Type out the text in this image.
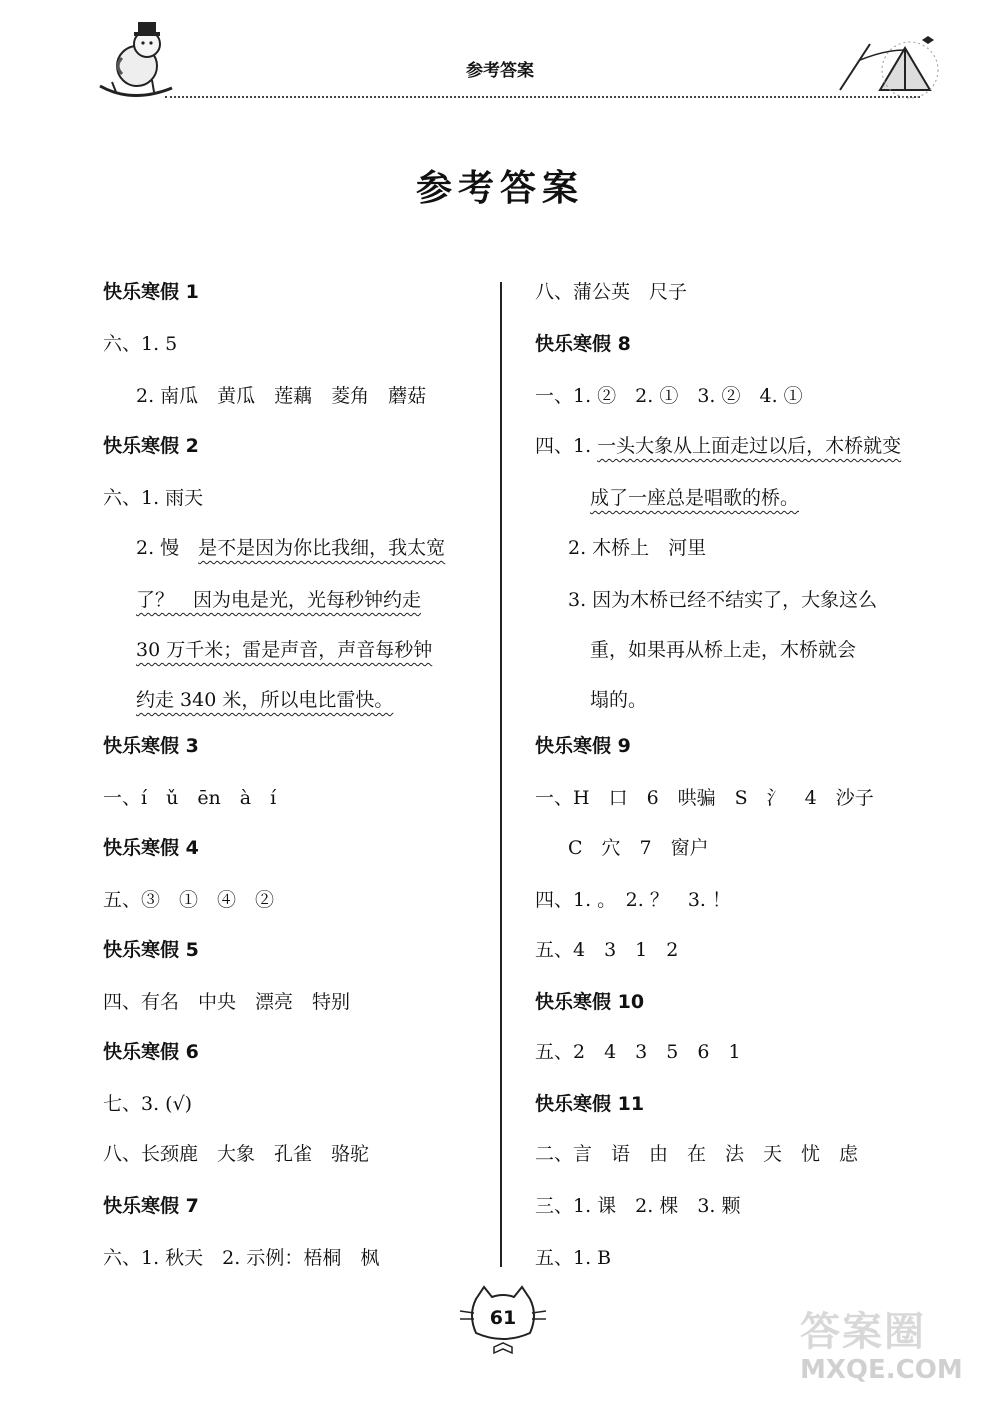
参考答案
参考答案
快乐寒假 1
六、1. 5
2. 南瓜　黄瓜　莲藕　菱角　蘑菇
快乐寒假 2
六、1. 雨天
2. 慢　是不是因为你比我细，我太宽
了？　因为电是光，光每秒钟约走
30 万千米；雷是声音，声音每秒钟
约走 340 米，所以电比雷快。
快乐寒假 3
一、í　ǔ　ēn　à　í
快乐寒假 4
五、③　①　④　②
快乐寒假 5
四、有名　中央　漂亮　特别
快乐寒假 6
七、3. (√)
八、长颈鹿　大象　孔雀　骆驼
快乐寒假 7
六、1. 秋天　2. 示例：梧桐　枫
八、蒲公英　尺子
快乐寒假 8
一、1. ②　2. ①　3. ②　4. ①
四、1. 一头大象从上面走过以后，木桥就变
成了一座总是唱歌的桥。
2. 木桥上　河里
3. 因为木桥已经不结实了，大象这么
重，如果再从桥上走，木桥就会
塌的。
快乐寒假 9
一、H　口　6　哄骗　S　氵　4　沙子
C　穴　7　窗户
四、1. 。　2. ？　3. ！
五、4　3　1　2
快乐寒假 10
五、2　4　3　5　6　1
快乐寒假 11
二、言　语　由　在　法　天　忧　虑
三、1. 课　2. 棵　3. 颗
五、1. B
61	答案圈
MXQE.COM
